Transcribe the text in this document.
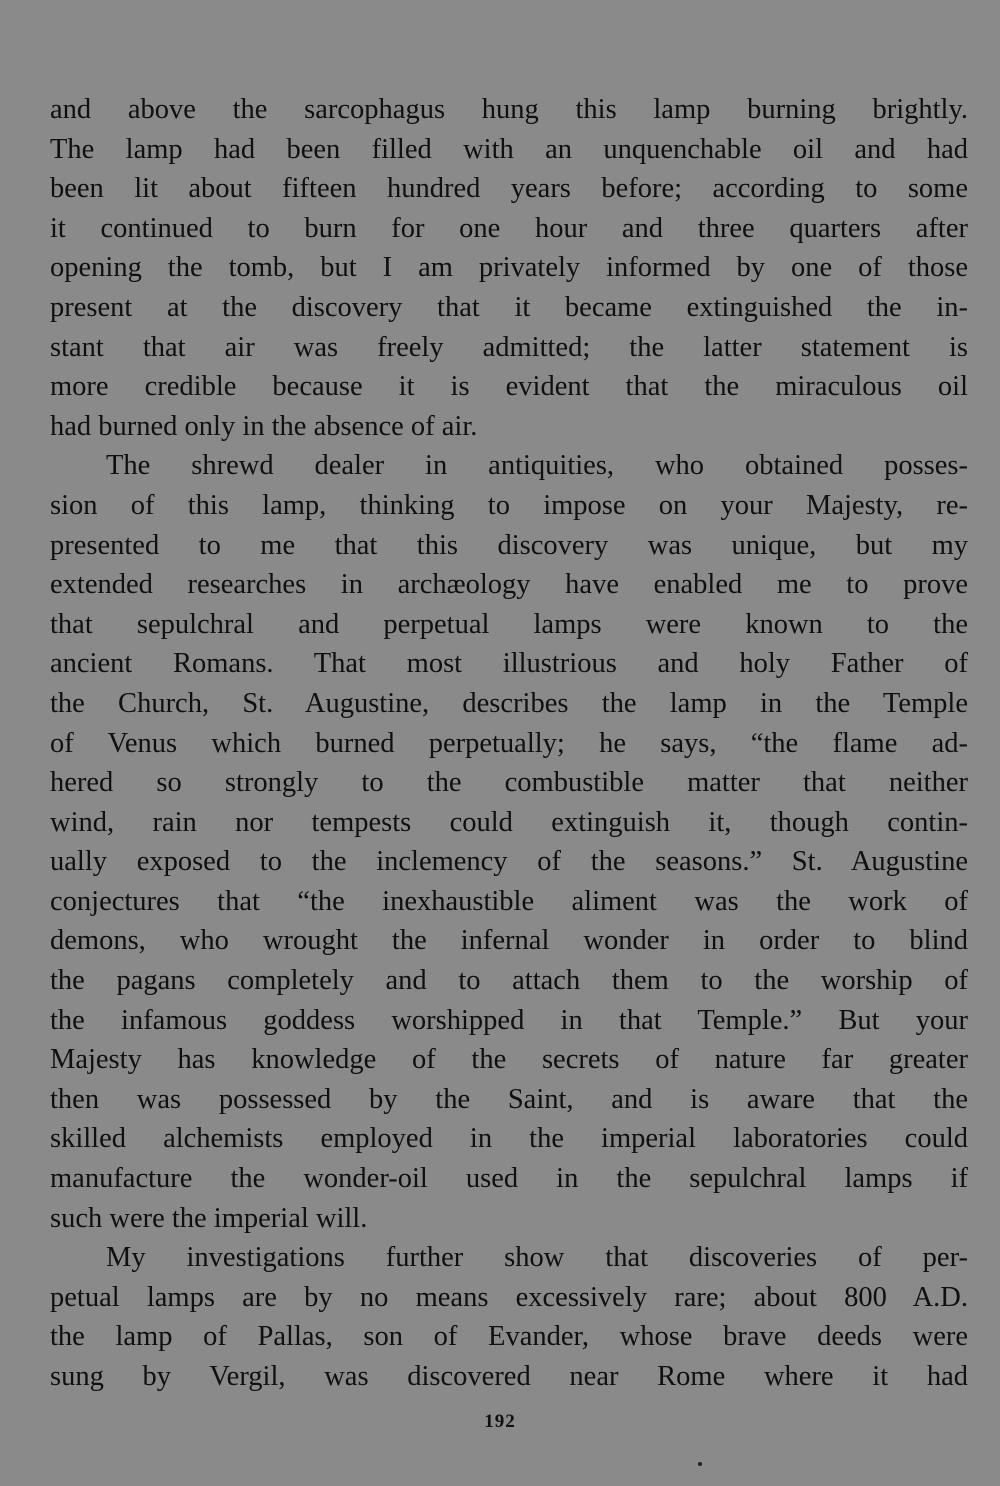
and above the sarcophagus hung this lamp burning brightly.
The lamp had been filled with an unquenchable oil and had
been lit about fifteen hundred years before; according to some
it continued to burn for one hour and three quarters after
opening the tomb, but I am privately informed by one of those
present at the discovery that it became extinguished the in-
stant that air was freely admitted; the latter statement is
more credible because it is evident that the miraculous oil
had burned only in the absence of air.
The shrewd dealer in antiquities, who obtained posses-
sion of this lamp, thinking to impose on your Majesty, re-
presented to me that this discovery was unique, but my
extended researches in archæology have enabled me to prove
that sepulchral and perpetual lamps were known to the
ancient Romans. That most illustrious and holy Father of
the Church, St. Augustine, describes the lamp in the Temple
of Venus which burned perpetually; he says, “the flame ad-
hered so strongly to the combustible matter that neither
wind, rain nor tempests could extinguish it, though contin-
ually exposed to the inclemency of the seasons.” St. Augustine
conjectures that “the inexhaustible aliment was the work of
demons, who wrought the infernal wonder in order to blind
the pagans completely and to attach them to the worship of
the infamous goddess worshipped in that Temple.” But your
Majesty has knowledge of the secrets of nature far greater
then was possessed by the Saint, and is aware that the
skilled alchemists employed in the imperial laboratories could
manufacture the wonder-oil used in the sepulchral lamps if
such were the imperial will.
My investigations further show that discoveries of per-
petual lamps are by no means excessively rare; about 800 A.D.
the lamp of Pallas, son of Evander, whose brave deeds were
sung by Vergil, was discovered near Rome where it had
192
